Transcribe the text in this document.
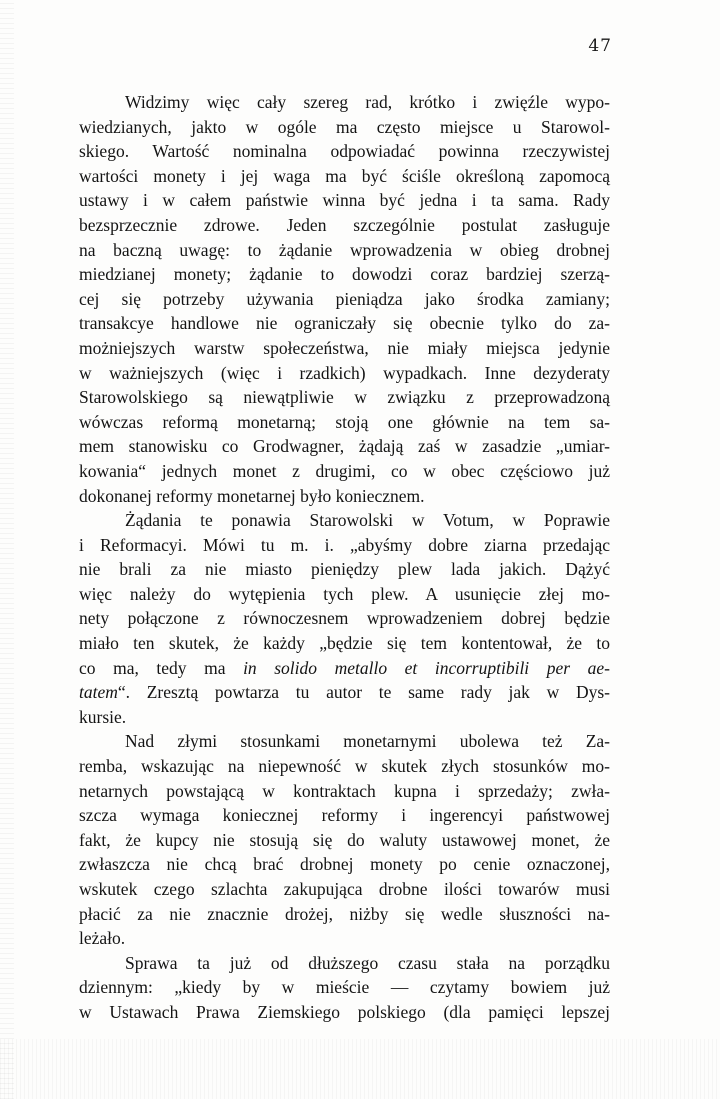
47
Widzimy więc cały szereg rad, krótko i zwięźle wypo-
wiedzianych, jakto w ogóle ma często miejsce u Starowol-
skiego. Wartość nominalna odpowiadać powinna rzeczywistej
wartości monety i jej waga ma być ściśle określoną zapomocą
ustawy i w całem państwie winna być jedna i ta sama. Rady
bezsprzecznie zdrowe. Jeden szczególnie postulat zasługuje
na baczną uwagę: to żądanie wprowadzenia w obieg drobnej
miedzianej monety; żądanie to dowodzi coraz bardziej szerzą-
cej się potrzeby używania pieniądza jako środka zamiany;
transakcye handlowe nie ograniczały się obecnie tylko do za-
możniejszych warstw społeczeństwa, nie miały miejsca jedynie
w ważniejszych (więc i rzadkich) wypadkach. Inne dezyderaty
Starowolskiego są niewątpliwie w związku z przeprowadzoną
wówczas reformą monetarną; stoją one głównie na tem sa-
mem stanowisku co Grodwagner, żądają zaś w zasadzie „umiar-
kowania“ jednych monet z drugimi, co w obec częściowo już
dokonanej reformy monetarnej było koniecznem.
Żądania te ponawia Starowolski w Votum, w Poprawie
i Reformacyi. Mówi tu m. i. „abyśmy dobre ziarna przedając
nie brali za nie miasto pieniędzy plew lada jakich. Dążyć
więc należy do wytępienia tych plew. A usunięcie złej mo-
nety połączone z równoczesnem wprowadzeniem dobrej będzie
miało ten skutek, że każdy „będzie się tem kontentował, że to
co ma, tedy ma in solido metallo et incorruptibili per ae-
tatem“. Zresztą powtarza tu autor te same rady jak w Dys-
kursie.
Nad złymi stosunkami monetarnymi ubolewa też Za-
remba, wskazując na niepewność w skutek złych stosunków mo-
netarnych powstającą w kontraktach kupna i sprzedaży; zwła-
szcza wymaga koniecznej reformy i ingerencyi państwowej
fakt, że kupcy nie stosują się do waluty ustawowej monet, że
zwłaszcza nie chcą brać drobnej monety po cenie oznaczonej,
wskutek czego szlachta zakupująca drobne ilości towarów musi
płacić za nie znacznie drożej, niżby się wedle słuszności na-
leżało.
Sprawa ta już od dłuższego czasu stała na porządku
dziennym: „kiedy by w mieście — czytamy bowiem już
w Ustawach Prawa Ziemskiego polskiego (dla pamięci lepszej
